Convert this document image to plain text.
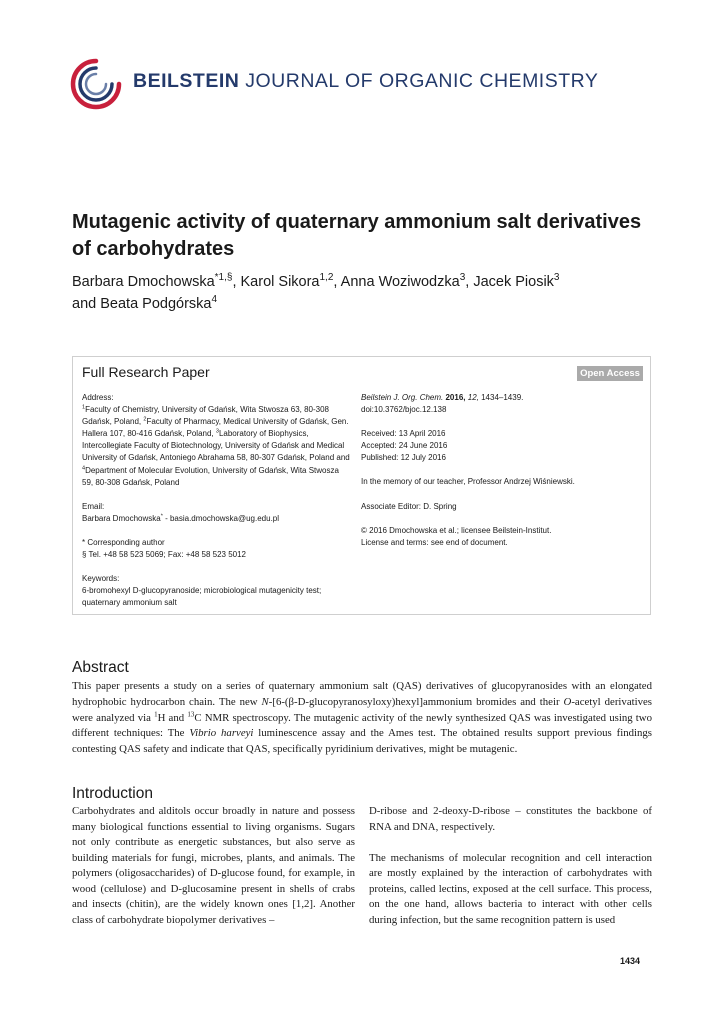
BEILSTEIN JOURNAL OF ORGANIC CHEMISTRY
Mutagenic activity of quaternary ammonium salt derivatives
of carbohydrates
Barbara Dmochowska$^{*1,\S}$, Karol Sikora$^{1,2}$, Anna Woziwodzka$^3$, Jacek Piosik$^3$
and Beata Podgórska$^4$
Full Research Paper	Open Access

Address:

$^1$Faculty of Chemistry, University of Gdańsk, Wita Stwosza 63, 80-308 Gdańsk, Poland, $^2$Faculty of Pharmacy, Medical University of Gdańsk, Gen. Hallera 107, 80-416 Gdańsk, Poland, $^3$Laboratory of Biophysics, Intercollegiate Faculty of Biotechnology, University of Gdańsk and Medical University of Gdańsk, Antoniego Abrahama 58, 80-307 Gdańsk, Poland and $^4$Department of Molecular Evolution, University of Gdańsk, Wita Stwosza 59, 80-308 Gdańsk, Poland

Email:

Barbara Dmochowska* - basia.dmochowska@ug.edu.pl

* Corresponding author

§ Tel. +48 58 523 5069; Fax: +48 58 523 5012

Keywords:

6-bromohexyl D-glucopyranoside; microbiological mutagenicity test; quaternary ammonium salt

Beilstein J. Org. Chem. 2016, 12, 1434–1439.

doi:10.3762/bjoc.12.138

Received: 13 April 2016

Accepted: 24 June 2016

Published: 12 July 2016

In the memory of our teacher, Professor Andrzej Wiśniewski.

Associate Editor: D. Spring

© 2016 Dmochowska et al.; licensee Beilstein-Institut.

License and terms: see end of document.

Abstract
This paper presents a study on a series of quaternary ammonium salt (QAS) derivatives of glucopyranosides with an elongated hydrophobic hydrocarbon chain. The new N-[6-(β-D-glucopyranosyloxy)hexyl]ammonium bromides and their O-acetyl derivatives were analyzed via $^1$H and $^{13}$C NMR spectroscopy. The mutagenic activity of the newly synthesized QAS was investigated using two different techniques: The Vibrio harveyi luminescence assay and the Ames test. The obtained results support previous findings contesting QAS safety and indicate that QAS, specifically pyridinium derivatives, might be mutagenic.
Introduction

Carbohydrates and alditols occur broadly in nature and possess many biological functions essential to living organisms. Sugars not only contribute as energetic substances, but also serve as building materials for fungi, microbes, plants, and animals. The polymers (oligosaccharides) of D-glucose found, for example, in wood (cellulose) and D-glucosamine present in shells of crabs and insects (chitin), are the widely known ones [1,2]. Another class of carbohydrate biopolymer derivatives –

D-ribose and 2-deoxy-D-ribose – constitutes the backbone of RNA and DNA, respectively.

The mechanisms of molecular recognition and cell interaction are mostly explained by the interaction of carbohydrates with proteins, called lectins, exposed at the cell surface. This process, on the one hand, allows bacteria to interact with other cells during infection, but the same recognition pattern is used

1434
